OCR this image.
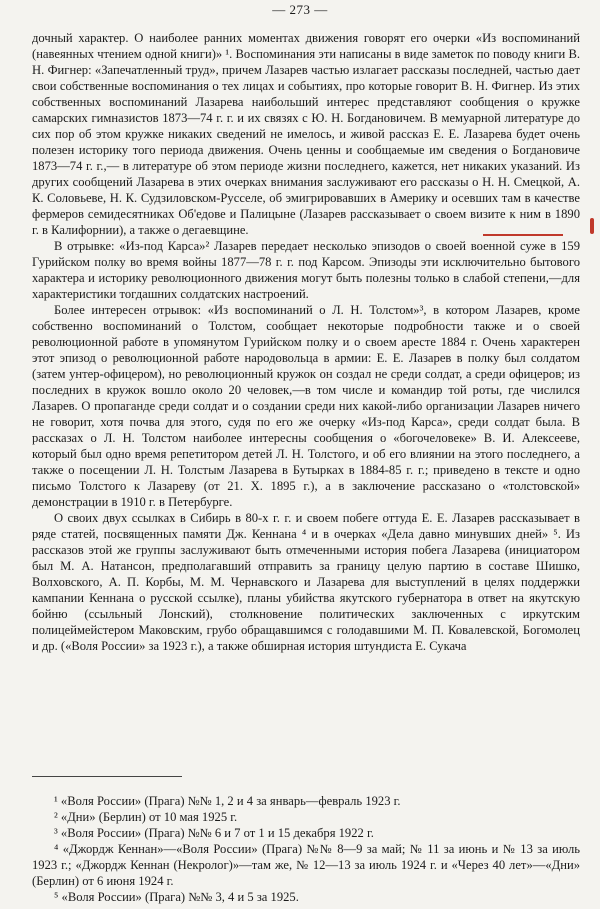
— 273 —

дочный характер. О наиболее ранних моментах движения говорят его очерки «Из воспоминаний (навеянных чтением одной книги)» ¹. Воспоминания эти написаны в виде заметок по поводу книги В. Н. Фигнер: «Запечатленный труд», причем Лазарев частью излагает рассказы последней, частью дает свои собственные воспоминания о тех лицах и событиях, про которые говорит В. Н. Фигнер. Из этих собственных воспоминаний Лазарева наибольший интерес представляют сообщения о кружке самарских гимназистов 1873—74 г. г. и их связях с Ю. Н. Богдановичем. В мемуарной литературе до сих пор об этом кружке никаких сведений не имелось, и живой рассказ Е. Е. Лазарева будет очень полезен историку того периода движения. Очень ценны и сообщаемые им сведения о Богдановиче 1873—74 г. г.,— в литературе об этом периоде жизни последнего, кажется, нет никаких указаний. Из других сообщений Лазарева в этих очерках внимания заслуживают его рассказы о Н. Н. Смецкой, А. К. Соловьеве, Н. К. Судзиловском-Русселе, об эмигрировавших в Америку и осевших там в качестве фермеров семидесятниках Об'едове и Палицыне (Лазарев рассказывает о своем визите к ним в 1890 г. в Калифорнии), а также о дегаевщине.

В отрывке: «Из-под Карса»² Лазарев передает несколько эпизодов о своей военной суже в 159 Гурийском полку во время войны 1877—78 г. г. под Карсом. Эпизоды эти исключительно бытового характера и историку революционного движения могут быть полезны только в слабой степени,—для характеристики тогдашних солдатских настроений.

Более интересен отрывок: «Из воспоминаний о Л. Н. Толстом»³, в котором Лазарев, кроме собственно воспоминаний о Толстом, сообщает некоторые подробности также и о своей революционной работе в упомянутом Гурийском полку и о своем аресте 1884 г. Очень характерен этот эпизод о революционной работе народовольца в армии: Е. Е. Лазарев в полку был солдатом (затем унтер-офицером), но революционный кружок он создал не среди солдат, а среди офицеров; из последних в кружок вошло около 20 человек,—в том числе и командир той роты, где числился Лазарев. О пропаганде среди солдат и о создании среди них какой-либо организации Лазарев ничего не говорит, хотя почва для этого, судя по его же очерку «Из-под Карса», среди солдат была. В рассказах о Л. Н. Толстом наиболее интересны сообщения о «богочеловеке» В. И. Алексееве, который был одно время репетитором детей Л. Н. Толстого, и об его влиянии на этого последнего, а также о посещении Л. Н. Толстым Лазарева в Бутырках в 1884-85 г. г.; приведено в тексте и одно письмо Толстого к Лазареву (от 21. X. 1895 г.), а в заключение рассказано о «толстовской» демонстрации в 1910 г. в Петербурге.

О своих двух ссылках в Сибирь в 80-х г. г. и своем побеге оттуда Е. Е. Лазарев рассказывает в ряде статей, посвященных памяти Дж. Кеннана ⁴ и в очерках «Дела давно минувших дней» ⁵. Из рассказов этой же группы заслуживают быть отмеченными история побега Лазарева (инициатором был М. А. Натансон, предполагавший отправить за границу целую партию в составе Шишко, Волховского, А. П. Корбы, М. М. Чернавского и Лазарева для выступлений в целях поддержки кампании Кеннана о русской ссылке), планы убийства якутского губернатора в ответ на якутскую бойню (ссыльный Лонский), столкновение политических заключенных с иркутским полицеймейстером Маковским, грубо обращавшимся с голодавшими М. П. Ковалевской, Богомолец и др. («Воля России» за 1923 г.), а также обширная история штундиста Е. Сукача

¹ «Воля России» (Прага) №№ 1, 2 и 4 за январь—февраль 1923 г.

² «Дни» (Берлин) от 10 мая 1925 г.

³ «Воля России» (Прага) №№ 6 и 7 от 1 и 15 декабря 1922 г.

⁴ «Джордж Кеннан»—«Воля России» (Прага) №№ 8—9 за май; № 11 за июнь и № 13 за июль 1923 г.; «Джордж Кеннан (Некролог)»—там же, № 12—13 за июль 1924 г. и «Через 40 лет»—«Дни» (Берлин) от 6 июня 1924 г.

⁵ «Воля России» (Прага) №№ 3, 4 и 5 за 1925.
